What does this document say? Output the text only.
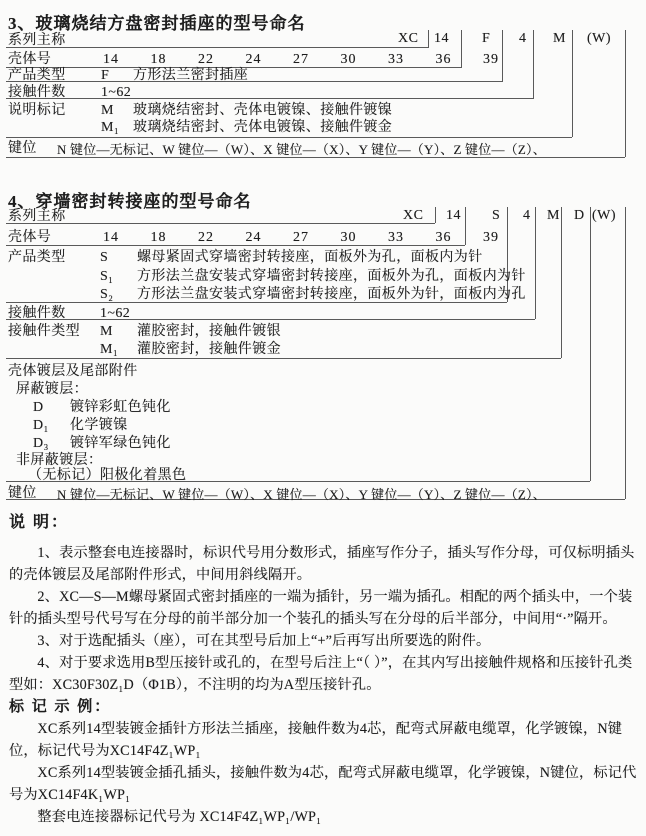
3、玻璃烧结方盘密封插座的型号命名
XC 14 F 4 M (W)
系列主称
壳体号	14 18 22 24 27 30 33 36 39
产品类型	F 方形法兰密封插座
接触件数	1~62
说明标记	M 玻璃烧结密封、壳体电镀镍、接触件镀镍
M₁ 玻璃烧结密封、壳体电镀镍、接触件镀金
键位 N 键位—无标记、W 键位—（W）、X 键位—（X）、Y 键位—（Y）、Z 键位—（Z）、
4、穿墙密封转接座的型号命名
XC 14 S 4 M D (W)
系列主称
壳体号	14 18 22 24 27 30 33 36 39
产品类型 S 螺母紧固式穿墙密封转接座，面板外为孔，面板内为针
S₁ 方形法兰盘安装式穿墙密封转接座，面板外为孔，面板内为针
S₂ 方形法兰盘安装式穿墙密封转接座，面板外为针，面板内为孔
接触件数 1~62
接触件类型 M 灌胶密封，接触件镀银
M₁ 灌胶密封，接触件镀金
壳体镀层及尾部附件
屏蔽镀层：
D 镀锌彩虹色钝化
D₁ 化学镀镍
D₃ 镀锌军绿色钝化
非屏蔽镀层：
（无标记）阳极化着黑色
键位 N 键位—无标记、W 键位—（W）、X 键位—（X）、Y 键位—（Y）、Z 键位—（Z）、
说 明：

1、表示整套电连接器时，标识代号用分数形式，插座写作分子，插头写作分母，可仅标明插头的壳体镀层及尾部附件形式，中间用斜线隔开。

2、XC—S—M螺母紧固式密封插座的一端为插针，另一端为插孔。相配的两个插头中，一个装针的插头型号代号写在分母的前半部分加一个装孔的插头写在分母的后半部分，中间用“·”隔开。

3、对于选配插头（座），可在其型号后加上“+”后再写出所要选的附件。

4、对于要求选用B型压接针或孔的，在型号后注上“（ ）”，在其内写出接触件规格和压接针孔类型如：XC30F30Z₁D（Φ1B），不注明的均为A型压接针孔。

标 记 示 例：

XC系列14型装镀金插针方形法兰插座，接触件数为4芯，配弯式屏蔽电缆罩，化学镀镍，N键位，标记代号为XC14F4Z₁WP₁

XC系列14型装镀金插孔插头，接触件数为4芯，配弯式屏蔽电缆罩，化学镀镍，N键位，标记代号为XC14F4K₁WP₁

整套电连接器标记代号为 XC14F4Z₁WP₁/WP₁
